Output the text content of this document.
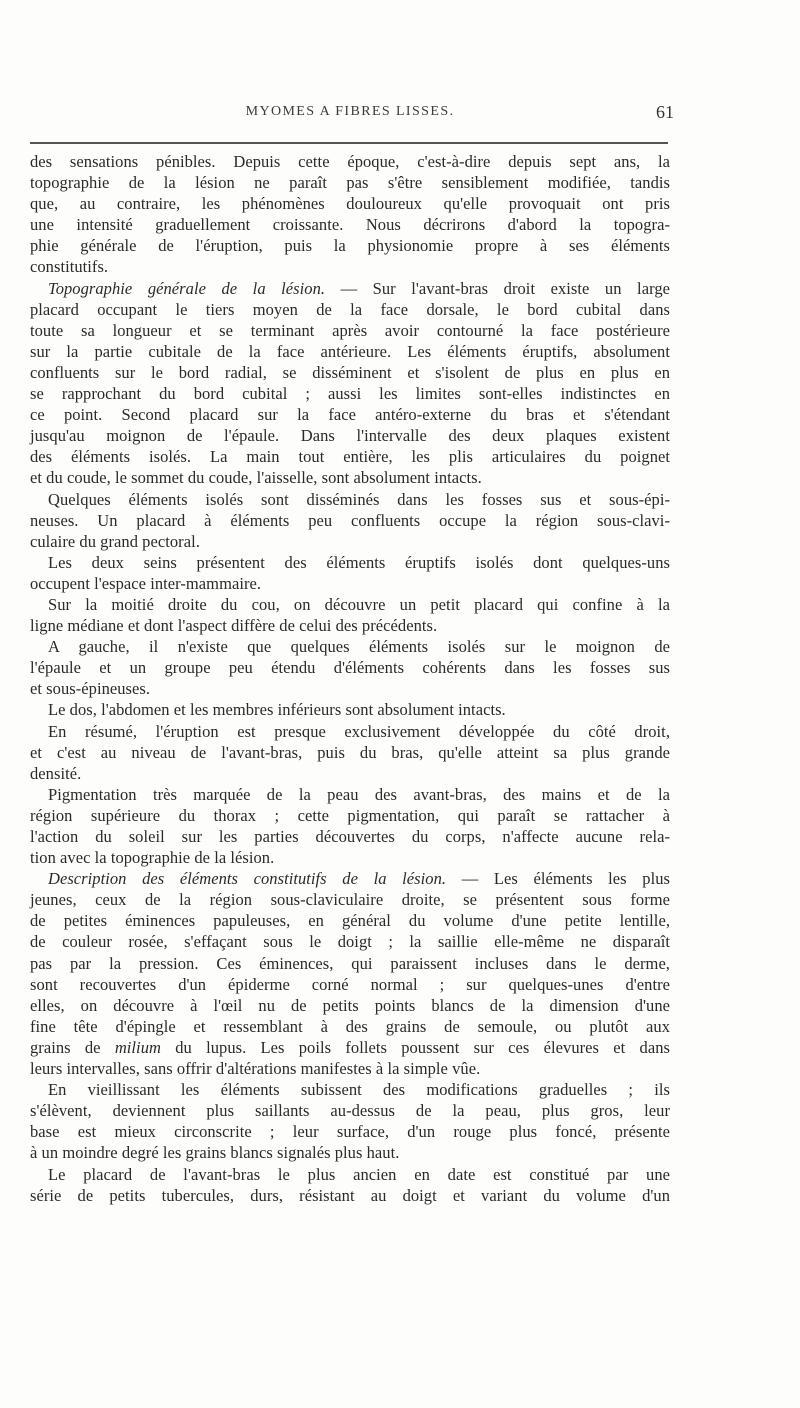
MYOMES A FIBRES LISSES.	61
des sensations pénibles. Depuis cette époque, c'est-à-dire depuis sept ans, la
topographie de la lésion ne paraît pas s'être sensiblement modifiée, tandis
que, au contraire, les phénomènes douloureux qu'elle provoquait ont pris
une intensité graduellement croissante. Nous décrirons d'abord la topogra-
phie générale de l'éruption, puis la physionomie propre à ses éléments
constitutifs.
Topographie générale de la lésion. — Sur l'avant-bras droit existe un large
placard occupant le tiers moyen de la face dorsale, le bord cubital dans
toute sa longueur et se terminant après avoir contourné la face postérieure
sur la partie cubitale de la face antérieure. Les éléments éruptifs, absolument
confluents sur le bord radial, se disséminent et s'isolent de plus en plus en
se rapprochant du bord cubital ; aussi les limites sont-elles indistinctes en
ce point. Second placard sur la face antéro-externe du bras et s'étendant
jusqu'au moignon de l'épaule. Dans l'intervalle des deux plaques existent
des éléments isolés. La main tout entière, les plis articulaires du poignet
et du coude, le sommet du coude, l'aisselle, sont absolument intacts.
Quelques éléments isolés sont disséminés dans les fosses sus et sous-épi-
neuses. Un placard à éléments peu confluents occupe la région sous-clavi-
culaire du grand pectoral.
Les deux seins présentent des éléments éruptifs isolés dont quelques-uns
occupent l'espace inter-mammaire.
Sur la moitié droite du cou, on découvre un petit placard qui confine à la
ligne médiane et dont l'aspect diffère de celui des précédents.
A gauche, il n'existe que quelques éléments isolés sur le moignon de
l'épaule et un groupe peu étendu d'éléments cohérents dans les fosses sus
et sous-épineuses.
Le dos, l'abdomen et les membres inférieurs sont absolument intacts.
En résumé, l'éruption est presque exclusivement développée du côté droit,
et c'est au niveau de l'avant-bras, puis du bras, qu'elle atteint sa plus grande
densité.
Pigmentation très marquée de la peau des avant-bras, des mains et de la
région supérieure du thorax ; cette pigmentation, qui paraît se rattacher à
l'action du soleil sur les parties découvertes du corps, n'affecte aucune rela-
tion avec la topographie de la lésion.
Description des éléments constitutifs de la lésion. — Les éléments les plus
jeunes, ceux de la région sous-claviculaire droite, se présentent sous forme
de petites éminences papuleuses, en général du volume d'une petite lentille,
de couleur rosée, s'effaçant sous le doigt ; la saillie elle-même ne disparaît
pas par la pression. Ces éminences, qui paraissent incluses dans le derme,
sont recouvertes d'un épiderme corné normal ; sur quelques-unes d'entre
elles, on découvre à l'œil nu de petits points blancs de la dimension d'une
fine tête d'épingle et ressemblant à des grains de semoule, ou plutôt aux
grains de milium du lupus. Les poils follets poussent sur ces élevures et dans
leurs intervalles, sans offrir d'altérations manifestes à la simple vûe.
En vieillissant les éléments subissent des modifications graduelles ; ils
s'élèvent, deviennent plus saillants au-dessus de la peau, plus gros, leur
base est mieux circonscrite ; leur surface, d'un rouge plus foncé, présente
à un moindre degré les grains blancs signalés plus haut.
Le placard de l'avant-bras le plus ancien en date est constitué par une
série de petits tubercules, durs, résistant au doigt et variant du volume d'un
